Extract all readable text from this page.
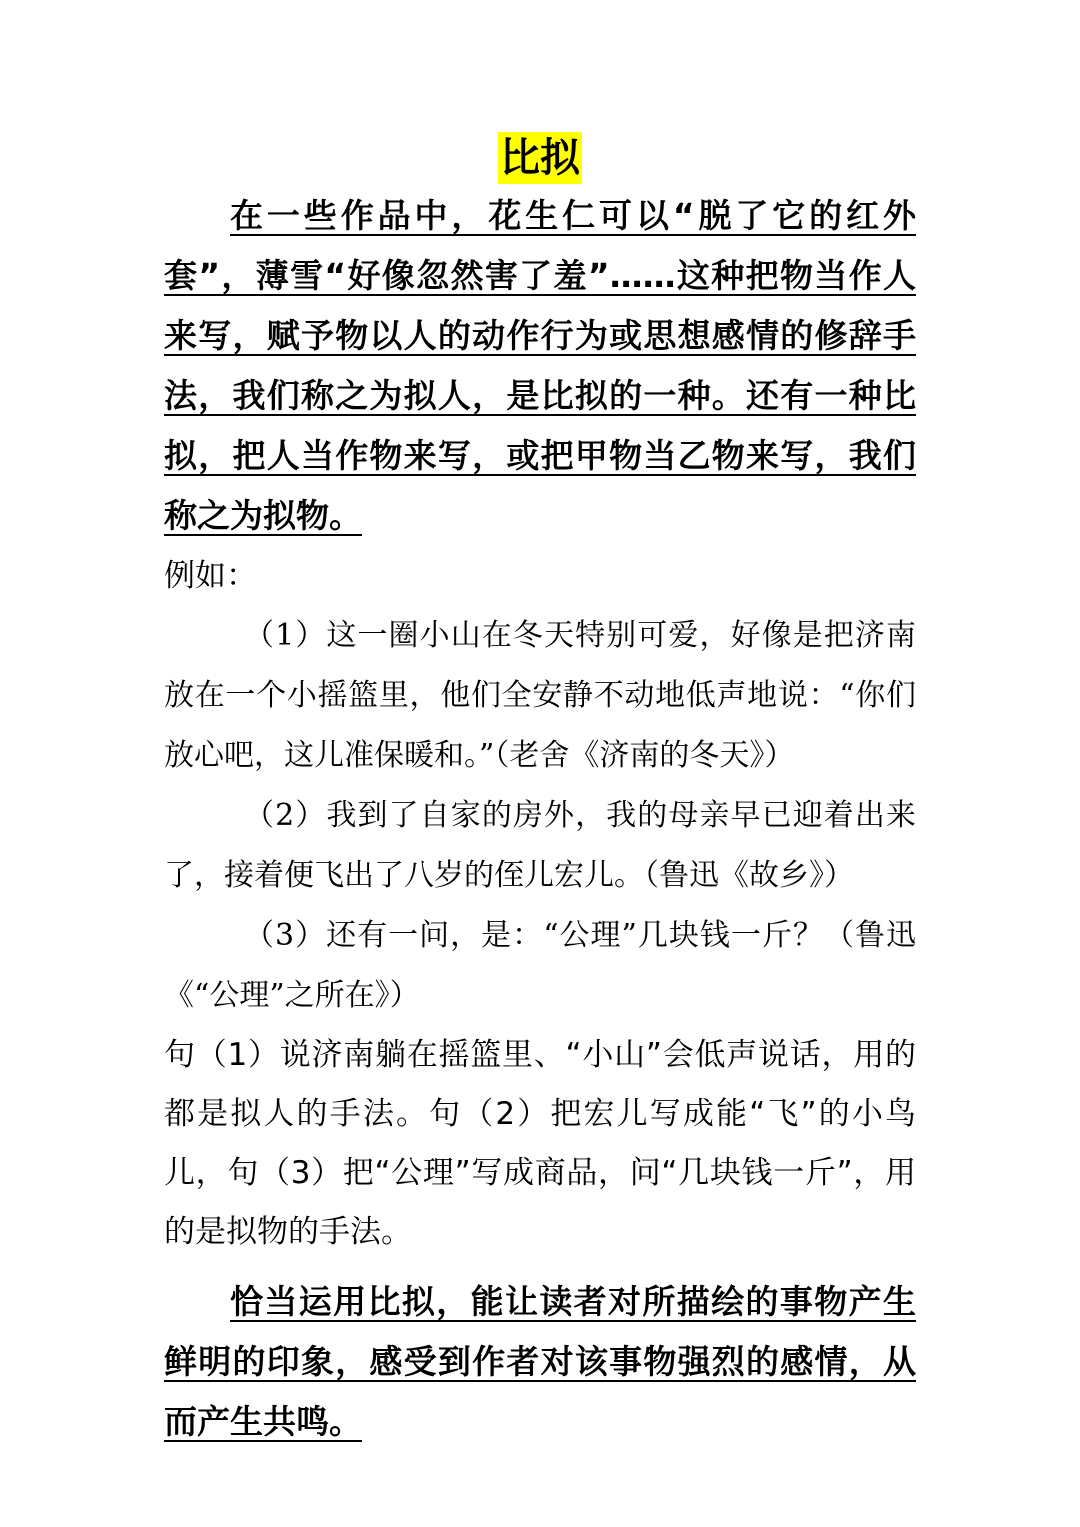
比拟

在一些作品中，花生仁可以“脱了它的红外套”，薄雪“好像忽然害了羞”……这种把物当作人来写，赋予物以人的动作行为或思想感情的修辞手法，我们称之为拟人，是比拟的一种。还有一种比拟，把人当作物来写，或把甲物当乙物来写，我们称之为拟物。

例如：

（1）这一圈小山在冬天特别可爱，好像是把济南放在一个小摇篮里，他们全安静不动地低声地说：“你们放心吧，这儿准保暖和。”（老舍《济南的冬天》）

（2）我到了自家的房外，我的母亲早已迎着出来了，接着便飞出了八岁的侄儿宏儿。（鲁迅《故乡》）

（3）还有一问，是：“公理”几块钱一斤？（鲁迅《“公理”之所在》）

句（1）说济南躺在摇篮里、“小山”会低声说话，用的都是拟人的手法。句（2）把宏儿写成能“飞”的小鸟儿，句（3）把“公理”写成商品，问“几块钱一斤”，用的是拟物的手法。

恰当运用比拟，能让读者对所描绘的事物产生鲜明的印象，感受到作者对该事物强烈的感情，从而产生共鸣。
